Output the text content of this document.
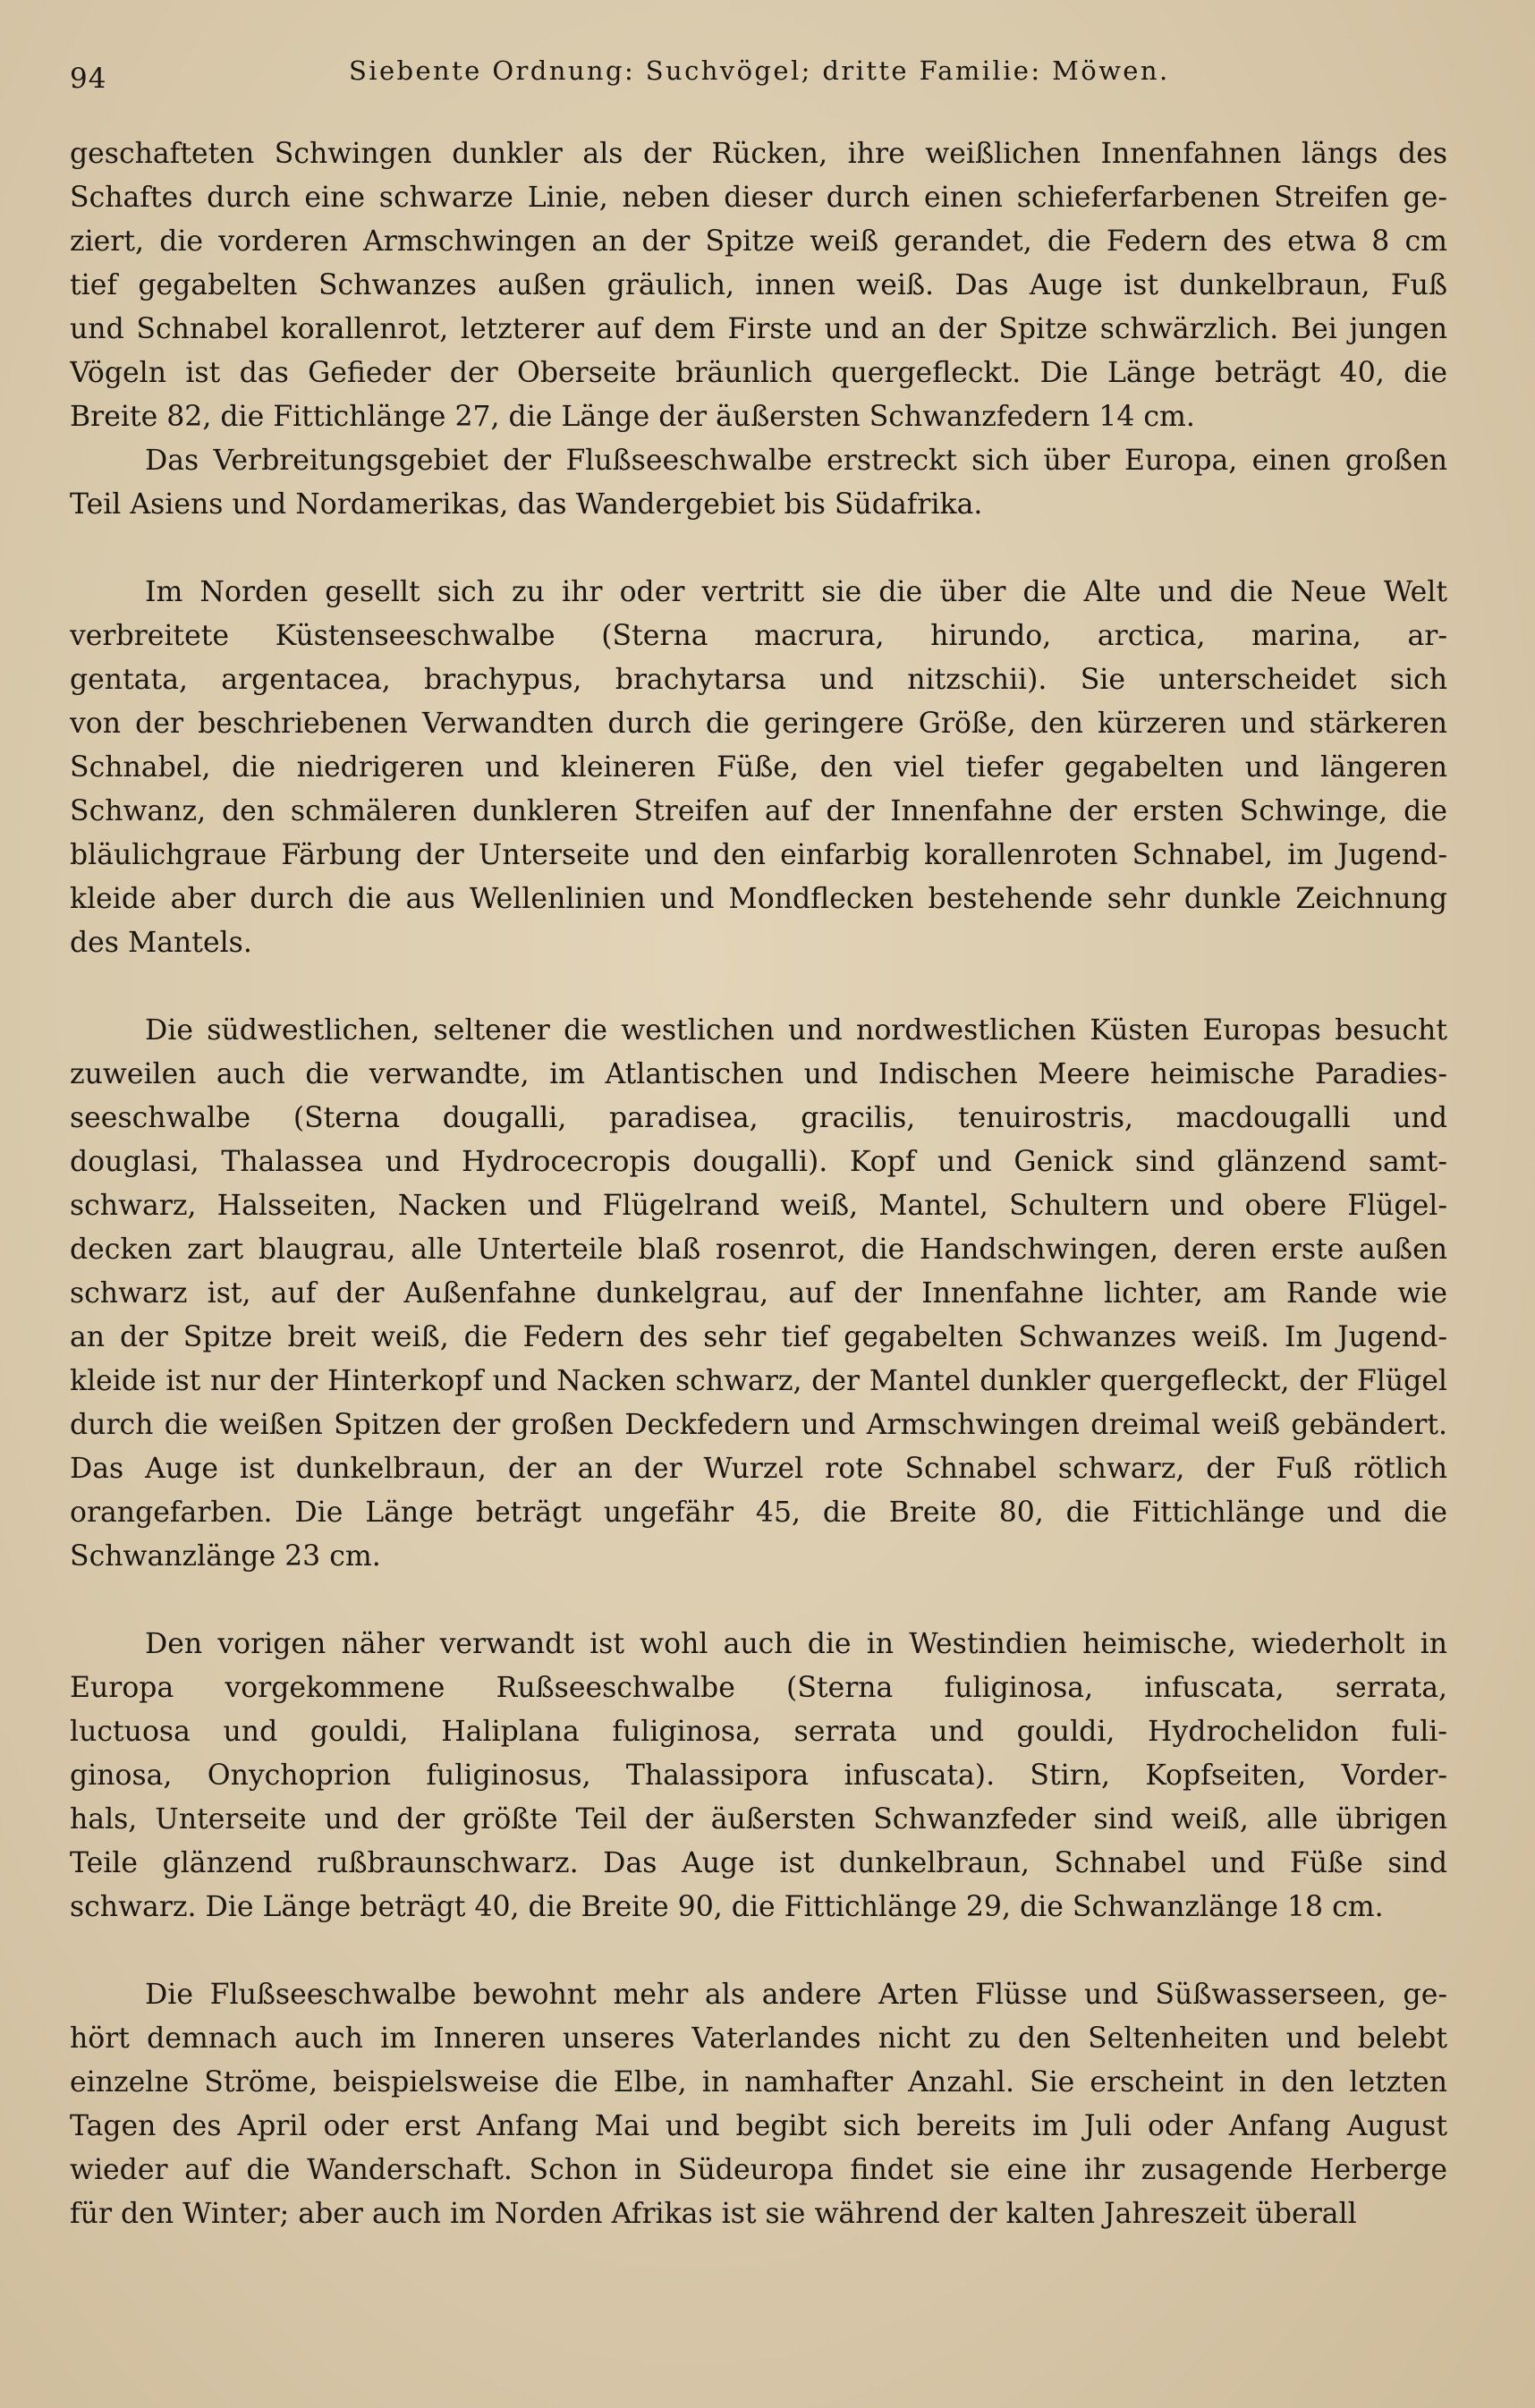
94	Siebente Ordnung: Suchvögel; dritte Familie: Möwen.

geschafteten Schwingen dunkler als der Rücken, ihre weißlichen Innenfahnen längs des
Schaftes durch eine schwarze Linie, neben dieser durch einen schieferfarbenen Streifen ge-
ziert, die vorderen Armschwingen an der Spitze weiß gerandet, die Federn des etwa 8 cm
tief gegabelten Schwanzes außen gräulich, innen weiß. Das Auge ist dunkelbraun, Fuß
und Schnabel korallenrot, letzterer auf dem Firste und an der Spitze schwärzlich. Bei jungen
Vögeln ist das Gefieder der Oberseite bräunlich quergefleckt. Die Länge beträgt 40, die
Breite 82, die Fittichlänge 27, die Länge der äußersten Schwanzfedern 14 cm.

Das Verbreitungsgebiet der Flußseeschwalbe erstreckt sich über Europa, einen großen
Teil Asiens und Nordamerikas, das Wandergebiet bis Südafrika.

Im Norden gesellt sich zu ihr oder vertritt sie die über die Alte und die Neue Welt
verbreitete Küstenseeschwalbe (Sterna macrura, hirundo, arctica, marina, ar-
gentata, argentacea, brachypus, brachytarsa und nitzschii). Sie unterscheidet sich
von der beschriebenen Verwandten durch die geringere Größe, den kürzeren und stärkeren
Schnabel, die niedrigeren und kleineren Füße, den viel tiefer gegabelten und längeren
Schwanz, den schmäleren dunkleren Streifen auf der Innenfahne der ersten Schwinge, die
bläulichgraue Färbung der Unterseite und den einfarbig korallenroten Schnabel, im Jugend-
kleide aber durch die aus Wellenlinien und Mondflecken bestehende sehr dunkle Zeichnung
des Mantels.

Die südwestlichen, seltener die westlichen und nordwestlichen Küsten Europas besucht
zuweilen auch die verwandte, im Atlantischen und Indischen Meere heimische Paradies-
seeschwalbe (Sterna dougalli, paradisea, gracilis, tenuirostris, macdougalli und
douglasi, Thalassea und Hydrocecropis dougalli). Kopf und Genick sind glänzend samt-
schwarz, Halsseiten, Nacken und Flügelrand weiß, Mantel, Schultern und obere Flügel-
decken zart blaugrau, alle Unterteile blaß rosenrot, die Handschwingen, deren erste außen
schwarz ist, auf der Außenfahne dunkelgrau, auf der Innenfahne lichter, am Rande wie
an der Spitze breit weiß, die Federn des sehr tief gegabelten Schwanzes weiß. Im Jugend-
kleide ist nur der Hinterkopf und Nacken schwarz, der Mantel dunkler quergefleckt, der Flügel
durch die weißen Spitzen der großen Deckfedern und Armschwingen dreimal weiß gebändert.
Das Auge ist dunkelbraun, der an der Wurzel rote Schnabel schwarz, der Fuß rötlich
orangefarben. Die Länge beträgt ungefähr 45, die Breite 80, die Fittichlänge und die
Schwanzlänge 23 cm.

Den vorigen näher verwandt ist wohl auch die in Westindien heimische, wiederholt in
Europa vorgekommene Rußseeschwalbe (Sterna fuliginosa, infuscata, serrata,
luctuosa und gouldi, Haliplana fuliginosa, serrata und gouldi, Hydrochelidon fuli-
ginosa, Onychoprion fuliginosus, Thalassipora infuscata). Stirn, Kopfseiten, Vorder-
hals, Unterseite und der größte Teil der äußersten Schwanzfeder sind weiß, alle übrigen
Teile glänzend rußbraunschwarz. Das Auge ist dunkelbraun, Schnabel und Füße sind
schwarz. Die Länge beträgt 40, die Breite 90, die Fittichlänge 29, die Schwanzlänge 18 cm.

Die Flußseeschwalbe bewohnt mehr als andere Arten Flüsse und Süßwasserseen, ge-
hört demnach auch im Inneren unseres Vaterlandes nicht zu den Seltenheiten und belebt
einzelne Ströme, beispielsweise die Elbe, in namhafter Anzahl. Sie erscheint in den letzten
Tagen des April oder erst Anfang Mai und begibt sich bereits im Juli oder Anfang August
wieder auf die Wanderschaft. Schon in Südeuropa findet sie eine ihr zusagende Herberge
für den Winter; aber auch im Norden Afrikas ist sie während der kalten Jahreszeit überall
